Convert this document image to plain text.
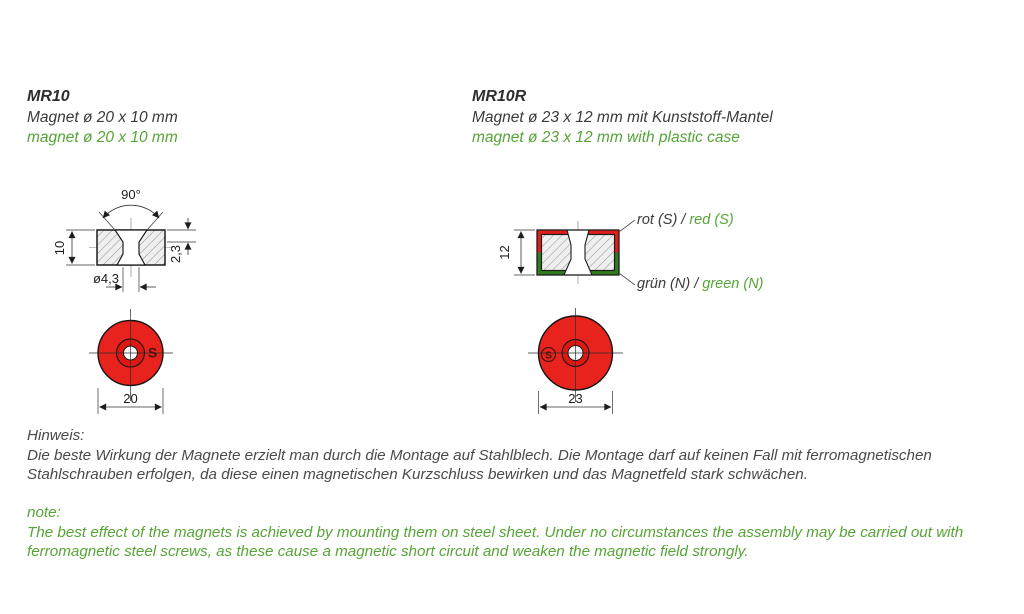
MR10
Magnet ø 20 x 10 mm
magnet ø 20 x 10 mm
MR10R
Magnet ø 23 x 12 mm mit Kunststoff-Mantel
magnet ø 23 x 12 mm with plastic case
90°
10	2,3
ø4,3
S
20
12
rot (S) / red (S)
grün (N) / green (N)
S
23
Hinweis:
Die beste Wirkung der Magnete erzielt man durch die Montage auf Stahlblech. Die Montage darf auf keinen Fall mit ferromagnetischen
Stahlschrauben erfolgen, da diese einen magnetischen Kurzschluss bewirken und das Magnetfeld stark schwächen.
note:
The best effect of the magnets is achieved by mounting them on steel sheet. Under no circumstances the assembly may be carried out with
ferromagnetic steel screws, as these cause a magnetic short circuit and weaken the magnetic field strongly.
